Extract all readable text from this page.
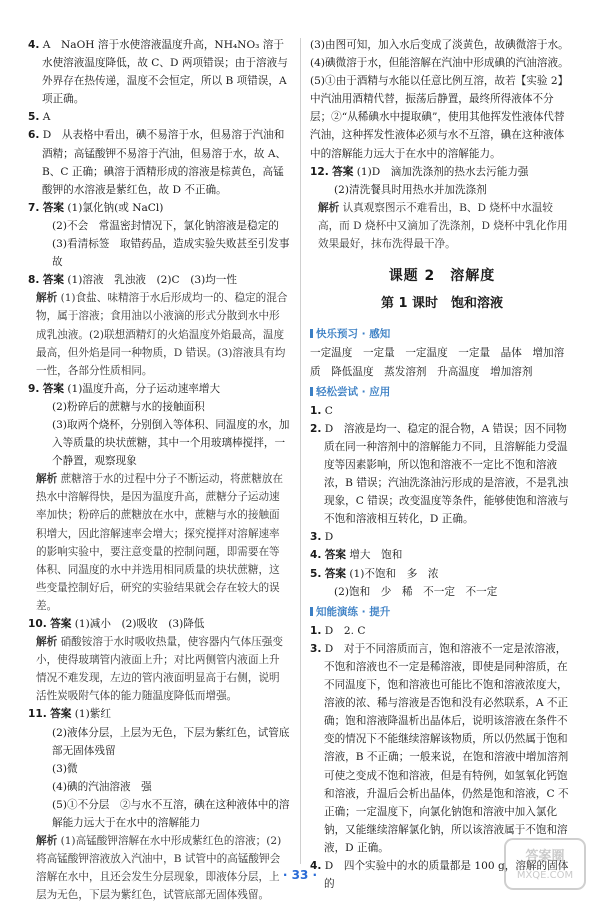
4. A　NaOH 溶于水使溶液温度升高，NH₄NO₃ 溶于水使溶液温度降低，故 C、D 两项错误；由于溶液与外界存在热传递，温度不会恒定，所以 B 项错误，A 项正确。
5. A
6. D　从表格中看出，碘不易溶于水，但易溶于汽油和酒精；高锰酸钾不易溶于汽油，但易溶于水，故 A、B、C 正确；碘溶于酒精形成的溶液是棕黄色，高锰酸钾的水溶液是紫红色，故 D 不正确。
7. 答案 (1)氯化钠(或 NaCl)
(2)不会　常温密封情况下，氯化钠溶液是稳定的
(3)看清标签　取错药品，造成实验失败甚至引发事故
8. 答案 (1)溶液　乳浊液　(2)C　(3)均一性
解析 (1)食盐、味精溶于水后形成均一的、稳定的混合物，属于溶液；食用油以小液滴的形式分散到水中形成乳浊液。(2)联想酒精灯的火焰温度外焰最高，温度最高，但外焰是同一种物质，D 错误。(3)溶液具有均一性，各部分性质相同。
9. 答案 (1)温度升高，分子运动速率增大
(2)粉碎后的蔗糖与水的接触面积
(3)取两个烧杯，分别倒入等体积、同温度的水，加入等质量的块状蔗糖，其中一个用玻璃棒搅拌，一个静置，观察现象
解析 蔗糖溶于水的过程中分子不断运动，将蔗糖放在热水中溶解得快，是因为温度升高，蔗糖分子运动速率加快；粉碎后的蔗糖放在水中，蔗糖与水的接触面积增大，因此溶解速率会增大；探究搅拌对溶解速率的影响实验中，要注意变量的控制问题，即需要在等体积、同温度的水中并选用相同质量的块状蔗糖，这些变量控制好后，研究的实验结果就会存在较大的误差。
10. 答案 (1)减小　(2)吸收　(3)降低
解析 硝酸铵溶于水时吸收热量，使容器内气体压强变小，使得玻璃管内液面上升；对比两侧管内液面上升情况不难发现，左边的管内液面明显高于右侧，说明活性炭吸附气体的能力随温度降低而增强。
11. 答案 (1)紫红
(2)液体分层，上层为无色，下层为紫红色，试管底部无固体残留
(3)微
(4)碘的汽油溶液　强
(5)①不分层　②与水不互溶，碘在这种液体中的溶解能力远大于在水中的溶解能力
解析 (1)高锰酸钾溶解在水中形成紫红色的溶液；(2)将高锰酸钾溶液放入汽油中，B 试管中的高锰酸钾会溶解在水中，且还会发生分层现象，即液体分层，上层为无色，下层为紫红色，试管底部无固体残留。
(3)由图可知，加入水后变成了淡黄色，故碘微溶于水。(4)碘微溶于水，但能溶解在汽油中形成碘的汽油溶液。(5)①由于酒精与水能以任意比例互溶，故若【实验 2】中汽油用酒精代替，振荡后静置，最终所得液体不分层；②“从稀碘水中提取碘”，使用其他挥发性液体代替汽油，这种挥发性液体必须与水不互溶，碘在这种液体中的溶解能力远大于在水中的溶解能力。
12. 答案 (1)D　滴加洗涤剂的热水去污能力强
(2)清洗餐具时用热水并加洗涤剂
解析 认真观察图示不难看出，B、D 烧杯中水温较高，而 D 烧杯中又滴加了洗涤剂，D 烧杯中乳化作用效果最好，抹布洗得最干净。
课题 2　溶解度
第 1 课时　饱和溶液
快乐预习 · 感知
一定温度　一定量　一定温度　一定量　晶体　增加溶质　降低温度　蒸发溶剂　升高温度　增加溶剂
轻松尝试 · 应用
1. C
2. D　溶液是均一、稳定的混合物，A 错误；因不同物质在同一种溶剂中的溶解能力不同，且溶解能力受温度等因素影响，所以饱和溶液不一定比不饱和溶液浓，B 错误；汽油洗涤油污形成的是溶液，不是乳浊现象，C 错误；改变温度等条件，能够使饱和溶液与不饱和溶液相互转化，D 正确。
3. D
4. 答案 增大　饱和
5. 答案 (1)不饱和　多　浓
(2)饱和　少　稀　不一定　不一定
知能演练 · 提升
1. D　2. C
3. D　对于不同溶质而言，饱和溶液不一定是浓溶液，不饱和溶液也不一定是稀溶液，即使是同种溶质，在不同温度下，饱和溶液也可能比不饱和溶液浓度大，溶液的浓、稀与溶液是否饱和没有必然联系，A 不正确；饱和溶液降温析出晶体后，说明该溶液在条件不变的情况下不能继续溶解该物质，所以仍然属于饱和溶液，B 不正确；一般来说，在饱和溶液中增加溶剂可使之变成不饱和溶液，但是有特例，如氢氧化钙饱和溶液，升温后会析出晶体，仍然是饱和溶液，C 不正确；一定温度下，向氯化钠饱和溶液中加入氯化钠，又能继续溶解氯化钠，所以该溶液属于不饱和溶液，D 正确。
4. D　四个实验中的水的质量都是 100 g，溶解的固体的
· 33 ·
答案圈
MXQE.COM
